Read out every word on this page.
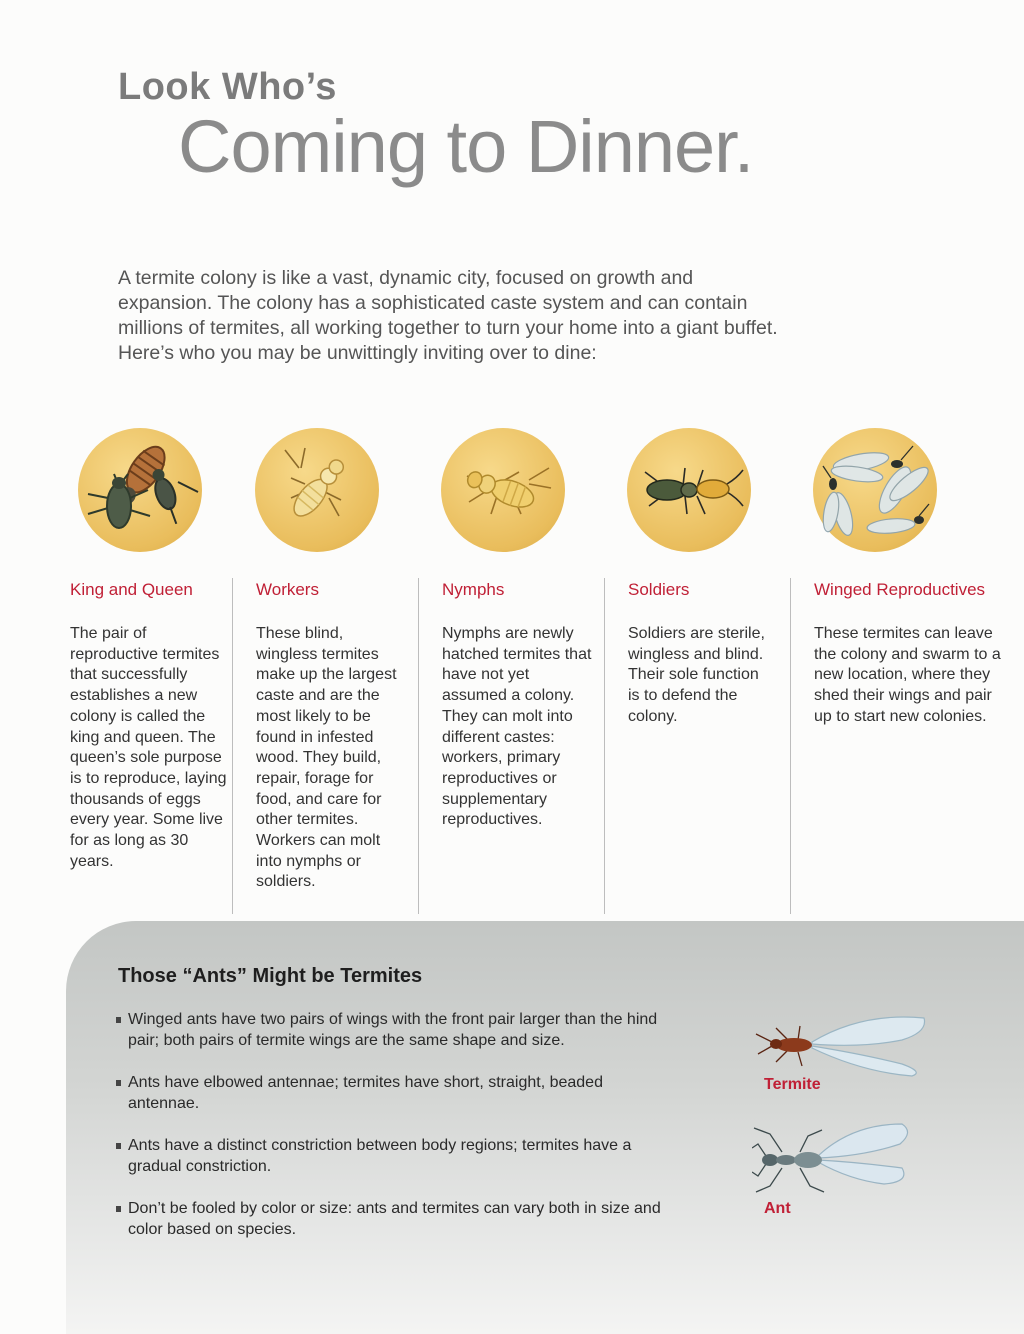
Look Who’s
Coming to Dinner.
A termite colony is like a vast, dynamic city, focused on growth and expansion. The colony has a sophisticated caste system and can contain millions of termites, all working together to turn your home into a giant buffet. Here’s who you may be unwittingly inviting over to dine:
King and Queen
The pair of reproductive termites that successfully establishes a new colony is called the king and queen. The queen’s sole purpose is to reproduce, laying thousands of eggs every year. Some live for as long as 30 years.
Workers
These blind, wingless termites make up the largest caste and are the most likely to be found in infested wood. They build, repair, forage for food, and care for other termites. Workers can molt into nymphs or soldiers.
Nymphs
Nymphs are newly hatched termites that have not yet assumed a colony. They can molt into different castes: workers, primary reproductives or supplementary reproductives.
Soldiers
Soldiers are sterile, wingless and blind. Their sole function is to defend the colony.
Winged Reproductives
These termites can leave the colony and swarm to a new location, where they shed their wings and pair up to start new colonies.
Those “Ants” Might be Termites
Winged ants have two pairs of wings with the front pair larger than the hind pair; both pairs of termite wings are the same shape and size.
Ants have elbowed antennae; termites have short, straight, beaded antennae.
Ants have a distinct constriction between body regions; termites have a gradual constriction.
Don’t be fooled by color or size: ants and termites can vary both in size and color based on species.
Termite
Ant
